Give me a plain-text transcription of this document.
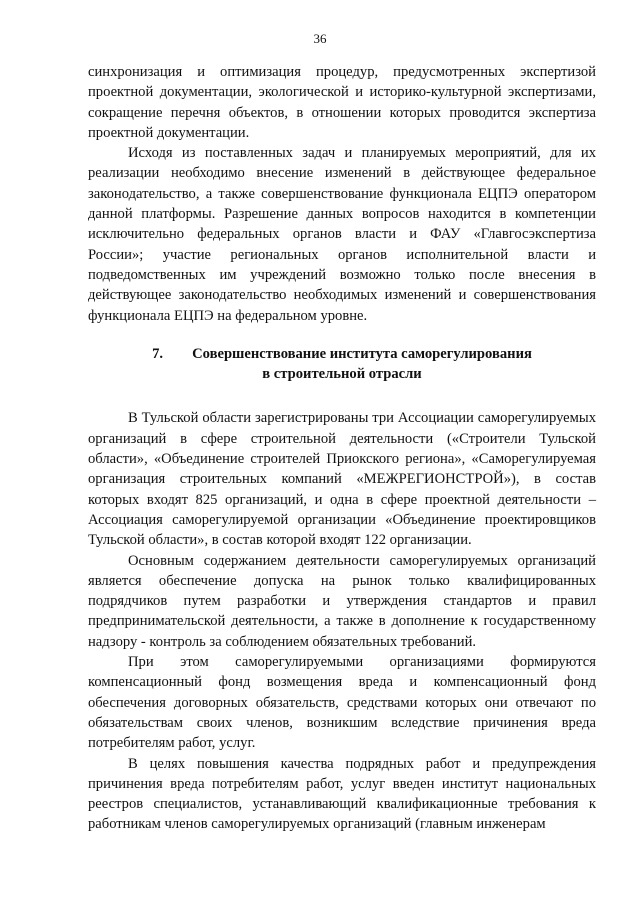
36

синхронизация и оптимизация процедур, предусмотренных экспертизой проектной документации, экологической и историко-культурной экспертизами, сокращение перечня объектов, в отношении которых проводится экспертиза проектной документации.

Исходя из поставленных задач и планируемых мероприятий, для их реализации необходимо внесение изменений в действующее федеральное законодательство, а также совершенствование функционала ЕЦПЭ оператором данной платформы. Разрешение данных вопросов находится в компетенции исключительно федеральных органов власти и ФАУ «Главгосэкспертиза России»; участие региональных органов исполнительной власти и подведомственных им учреждений возможно только после внесения в действующее законодательство необходимых изменений и совершенствования функционала ЕЦПЭ на федеральном уровне.

7. Совершенствование института саморегулирования
в строительной отрасли

В Тульской области зарегистрированы три Ассоциации саморегулируемых организаций в сфере строительной деятельности («Строители Тульской области», «Объединение строителей Приокского региона», «Саморегулируемая организация строительных компаний «МЕЖРЕГИОНСТРОЙ»), в состав которых входят 825 организаций, и одна в сфере проектной деятельности – Ассоциация саморегулируемой организации «Объединение проектировщиков Тульской области», в состав которой входят 122 организации.

Основным содержанием деятельности саморегулируемых организаций является обеспечение допуска на рынок только квалифицированных подрядчиков путем разработки и утверждения стандартов и правил предпринимательской деятельности, а также в дополнение к государственному надзору - контроль за соблюдением обязательных требований.

При этом саморегулируемыми организациями формируются компенсационный фонд возмещения вреда и компенсационный фонд обеспечения договорных обязательств, средствами которых они отвечают по обязательствам своих членов, возникшим вследствие причинения вреда потребителям работ, услуг.

В целях повышения качества подрядных работ и предупреждения причинения вреда потребителям работ, услуг введен институт национальных реестров специалистов, устанавливающий квалификационные требования к работникам членов саморегулируемых организаций (главным инженерам
